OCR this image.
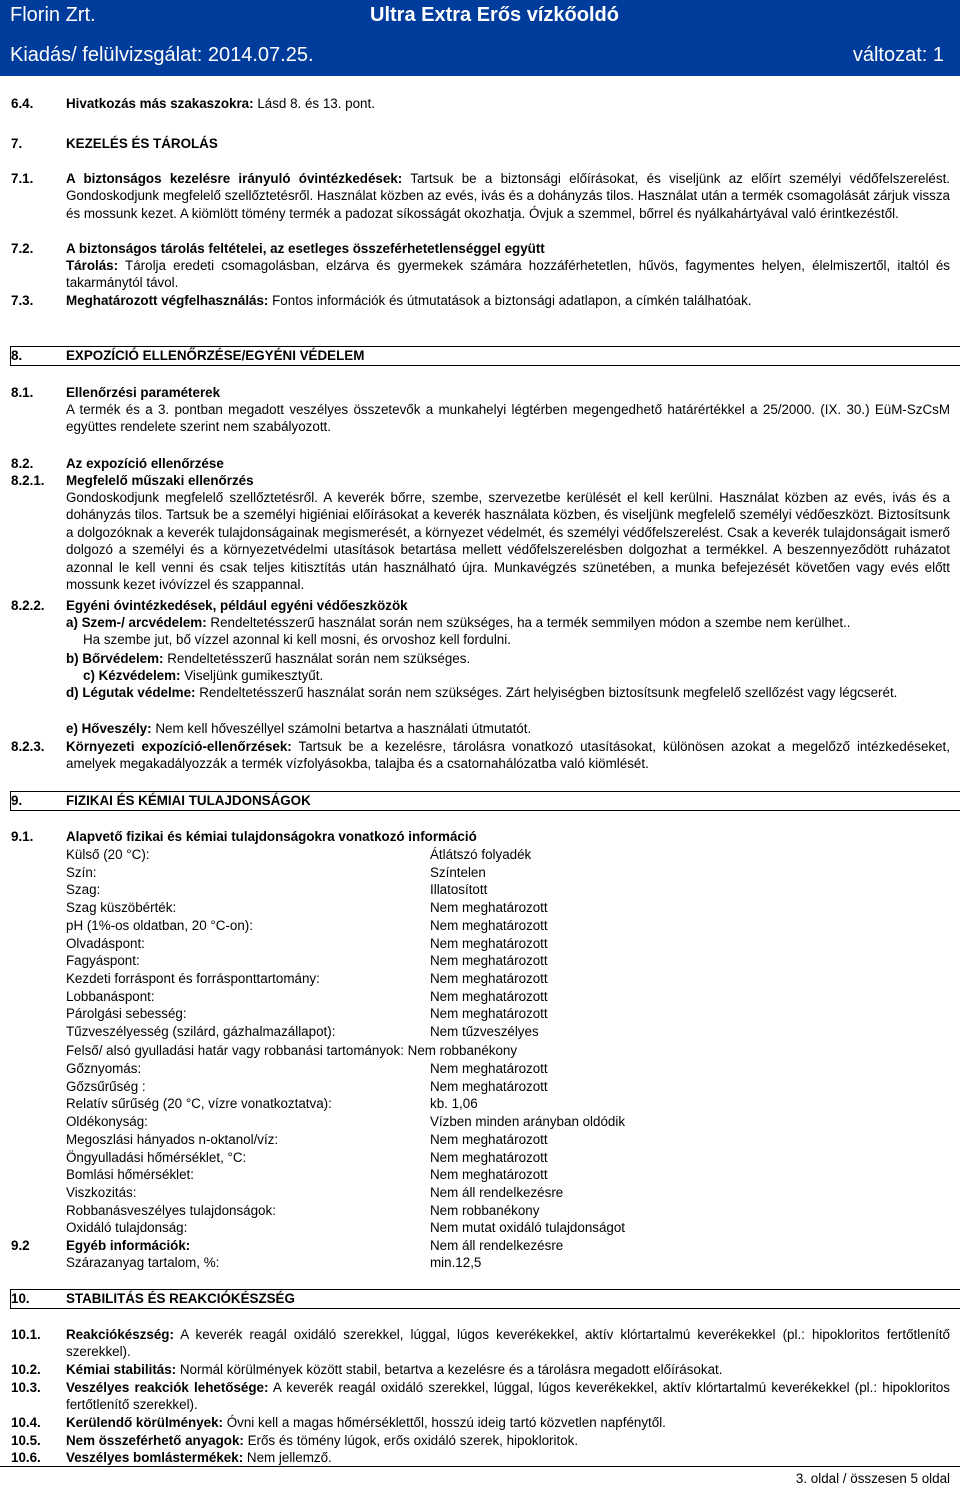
Florin Zrt.	Ultra Extra Erős vízkőoldó
Kiadás/ felülvizsgálat: 2014.07.25.	változat: 1
6.4. Hivatkozás más szakaszokra: Lásd 8. és 13. pont.
7.	KEZELÉS ÉS TÁROLÁS
7.1. A biztonságos kezelésre irányuló óvintézkedések: Tartsuk be a biztonsági előírásokat, és viseljünk az előírt személyi védőfelszerelést. Gondoskodjunk megfelelő szellőztetésről. Használat közben az evés, ivás és a dohányzás tilos. Használat után a termék csomagolását zárjuk vissza és mossunk kezet. A kiömlött tömény termék a padozat síkosságát okozhatja. Óvjuk a szemmel, bőrrel és nyálkahártyával való érintkezéstől.
7.2. A biztonságos tárolás feltételei, az esetleges összeférhetetlenséggel együtt
Tárolás: Tárolja eredeti csomagolásban, elzárva és gyermekek számára hozzáférhetetlen, hűvös, fagymentes helyen, élelmiszertől, italtól és takarmánytól távol.
7.3. Meghatározott végfelhasználás: Fontos információk és útmutatások a biztonsági adatlapon, a címkén találhatóak.
8.	EXPOZÍCIÓ ELLENŐRZÉSE/EGYÉNI VÉDELEM
8.1. Ellenőrzési paraméterek
A termék és a 3. pontban megadott veszélyes összetevők a munkahelyi légtérben megengedhető határértékkel a 25/2000. (IX. 30.) EüM-SzCsM együttes rendelete szerint nem szabályozott.
8.2. Az expozíció ellenőrzése
8.2.1. Megfelelő műszaki ellenőrzés
Gondoskodjunk megfelelő szellőztetésről. A keverék bőrre, szembe, szervezetbe kerülését el kell kerülni. Használat közben az evés, ivás és a dohányzás tilos. Tartsuk be a személyi higiéniai előírásokat a keverék használata közben, és viseljünk megfelelő személyi védőeszközt. Biztosítsunk a dolgozóknak a keverék tulajdonságainak megismerését, a környezet védelmét, és személyi védőfelszerelést. Csak a keverék tulajdonságait ismerő dolgozó a személyi és a környezetvédelmi utasítások betartása mellett védőfelszerelésben dolgozhat a termékkel. A beszennyeződött ruházatot azonnal le kell venni és csak teljes kitisztítás után használható újra. Munkavégzés szünetében, a munka befejezését követően vagy evés előtt mossunk kezet ivóvízzel és szappannal.
8.2.2. Egyéni óvintézkedések, például egyéni védőeszközök
a) Szem-/ arcvédelem: Rendeltetésszerű használat során nem szükséges, ha a termék semmilyen módon a szembe nem kerülhet..
Ha szembe jut, bő vízzel azonnal ki kell mosni, és orvoshoz kell fordulni.
b) Bőrvédelem: Rendeltetésszerű használat során nem szükséges.
c) Kézvédelem: Viseljünk gumikesztyűt.
d) Légutak védelme: Rendeltetésszerű használat során nem szükséges. Zárt helyiségben biztosítsunk megfelelő szellőzést vagy légcserét.
e) Hőveszély: Nem kell hőveszéllyel számolni betartva a használati útmutatót.
8.2.3. Környezeti expozíció-ellenőrzések: Tartsuk be a kezelésre, tárolásra vonatkozó utasításokat, különösen azokat a megelőző intézkedéseket, amelyek megakadályozzák a termék vízfolyásokba, talajba és a csatornahálózatba való kiömlését.
9.	FIZIKAI ÉS KÉMIAI TULAJDONSÁGOK
9.1. Alapvető fizikai és kémiai tulajdonságokra vonatkozó információ
Külső (20 °C):	Átlátszó folyadék
Szín:	Színtelen
Szag:	Illatosított
Szag küszöbérték:	Nem meghatározott
pH (1%-os oldatban, 20 °C-on):	Nem meghatározott
Olvadáspont:	Nem meghatározott
Fagyáspont:	Nem meghatározott
Kezdeti forráspont és forrásponttartomány:	Nem meghatározott
Lobbanáspont:	Nem meghatározott
Párolgási sebesség:	Nem meghatározott
Tűzveszélyesség (szilárd, gázhalmazállapot):	Nem tűzveszélyes
Felső/ alsó gyulladási határ vagy robbanási tartományok: Nem robbanékony
Gőznyomás:	Nem meghatározott
Gőzsűrűség :	Nem meghatározott
Relatív sűrűség (20 °C, vízre vonatkoztatva):	kb. 1,06
Oldékonyság:	Vízben minden arányban oldódik
Megoszlási hányados n-oktanol/víz:	Nem meghatározott
Öngyulladási hőmérséklet, °C:	Nem meghatározott
Bomlási hőmérséklet:	Nem meghatározott
Viszkozitás:	Nem áll rendelkezésre
Robbanásveszélyes tulajdonságok:	Nem robbanékony
Oxidáló tulajdonság:	Nem mutat oxidáló tulajdonságot
9.2	Egyéb információk:	Nem áll rendelkezésre
Szárazanyag tartalom, %:	min.12,5
10.	STABILITÁS ÉS REAKCIÓKÉSZSÉG
10.1. Reakciókészség: A keverék reagál oxidáló szerekkel, lúggal, lúgos keverékekkel, aktív klórtartalmú keverékekkel (pl.: hipokloritos fertőtlenítő szerekkel).
10.2. Kémiai stabilitás: Normál körülmények között stabil, betartva a kezelésre és a tárolásra megadott előírásokat.
10.3. Veszélyes reakciók lehetősége: A keverék reagál oxidáló szerekkel, lúggal, lúgos keverékekkel, aktív klórtartalmú keverékekkel (pl.: hipokloritos fertőtlenítő szerekkel).
10.4. Kerülendő körülmények: Óvni kell a magas hőmérséklettől, hosszú ideig tartó közvetlen napfénytől.
10.5. Nem összeférhető anyagok: Erős és tömény lúgok, erős oxidáló szerek, hipokloritok.
10.6. Veszélyes bomlástermékek: Nem jellemző.
3. oldal / összesen 5 oldal
